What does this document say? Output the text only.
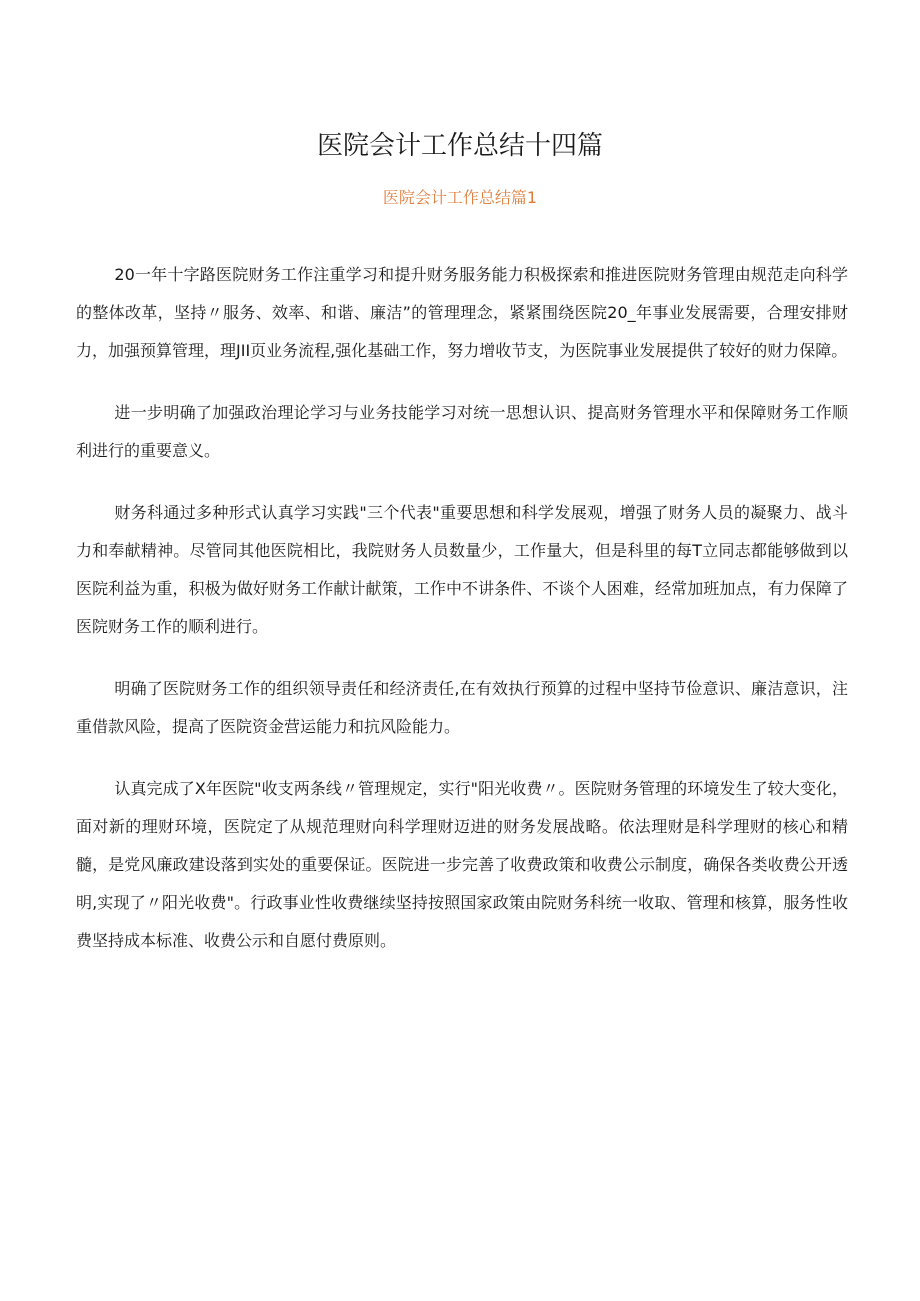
医院会计工作总结十四篇
医院会计工作总结篇1

20一年十字路医院财务工作注重学习和提升财务服务能力积极探索和推进医院财务管理由规范走向科学的整体改革，坚持〃服务、效率、和谐、廉洁”的管理理念，紧紧围绕医院20_年事业发展需要，合理安排财力，加强预算管理，理JII页业务流程,强化基础工作，努力增收节支，为医院事业发展提供了较好的财力保障。

进一步明确了加强政治理论学习与业务技能学习对统一思想认识、提高财务管理水平和保障财务工作顺利进行的重要意义。

财务科通过多种形式认真学习实践"三个代表"重要思想和科学发展观，增强了财务人员的凝聚力、战斗力和奉献精神。尽管同其他医院相比，我院财务人员数量少，工作量大，但是科里的每T立同志都能够做到以医院利益为重，积极为做好财务工作献计献策，工作中不讲条件、不谈个人困难，经常加班加点，有力保障了医院财务工作的顺利进行。

明确了医院财务工作的组织领导责任和经济责任,在有效执行预算的过程中坚持节俭意识、廉洁意识，注重借款风险，提高了医院资金营运能力和抗风险能力。

认真完成了X年医院"收支两条线〃管理规定，实行"阳光收费〃。医院财务管理的环境发生了较大变化，面对新的理财环境，医院定了从规范理财向科学理财迈进的财务发展战略。依法理财是科学理财的核心和精髓，是党风廉政建设落到实处的重要保证。医院进一步完善了收费政策和收费公示制度，确保各类收费公开透明,实现了〃阳光收费"。行政事业性收费继续坚持按照国家政策由院财务科统一收取、管理和核算，服务性收费坚持成本标准、收费公示和自愿付费原则。
